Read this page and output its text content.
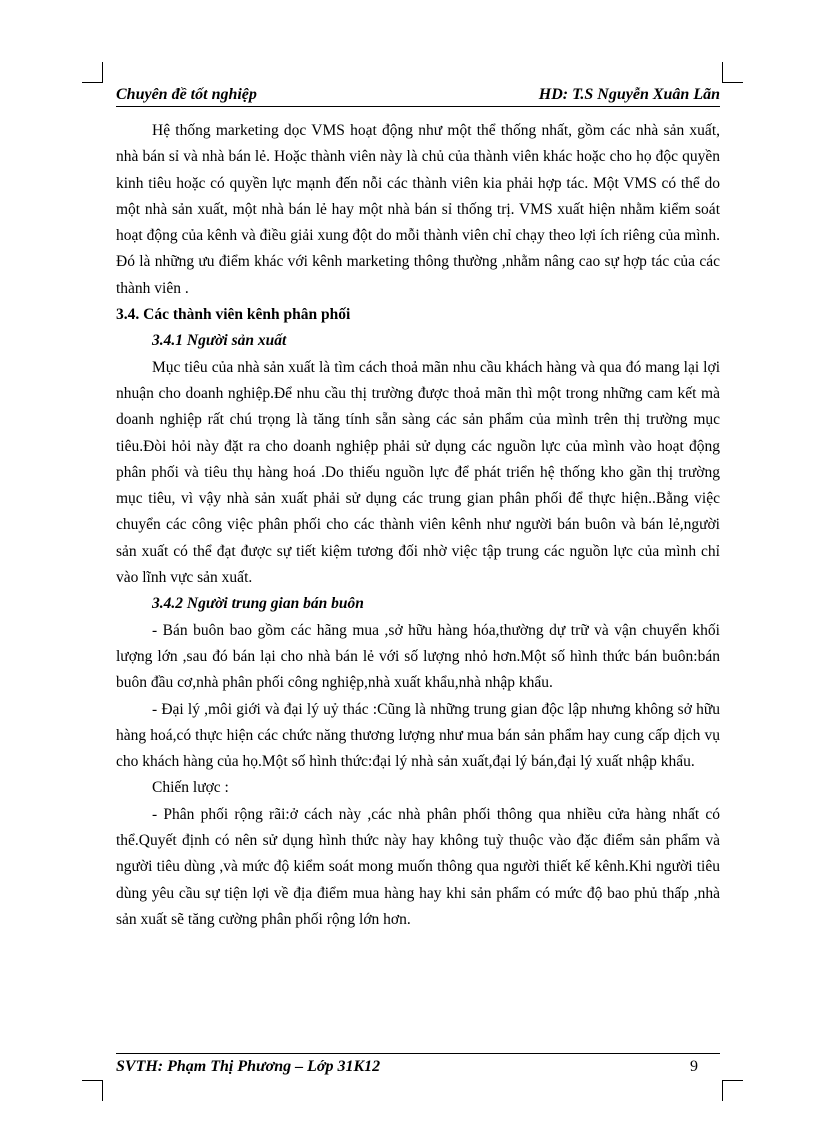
Chuyên đề tốt nghiệp	HD: T.S Nguyễn Xuân Lãn

Hệ thống marketing dọc VMS hoạt động như một thể thống nhất, gồm các nhà sản xuất, nhà bán sỉ và nhà bán lẻ. Hoặc thành viên này là chủ của thành viên khác hoặc cho họ độc quyền kinh tiêu hoặc có quyền lực mạnh đến nỗi các thành viên kia phải hợp tác. Một VMS có thể do một nhà sản xuất, một nhà bán lẻ hay một nhà bán sỉ thống trị. VMS xuất hiện nhằm kiểm soát hoạt động của kênh và điều giải xung đột do mỗi thành viên chỉ chạy theo lợi ích riêng của mình. Đó là những ưu điểm khác với kênh marketing thông thường ,nhằm nâng cao sự hợp tác của các thành viên .

3.4. Các thành viên kênh phân phối

3.4.1 Người sản xuất

Mục tiêu của nhà sản xuất là tìm cách thoả mãn nhu cầu khách hàng và qua đó mang lại lợi nhuận cho doanh nghiệp.Để nhu cầu thị trường được thoả mãn thì một trong những cam kết mà doanh nghiệp rất chú trọng là tăng tính sẵn sàng các sản phẩm của mình trên thị trường mục tiêu.Đòi hỏi này đặt ra cho doanh nghiệp phải sử dụng các nguồn lực của mình vào hoạt động phân phối và tiêu thụ hàng hoá .Do thiếu nguồn lực để phát triển hệ thống kho gần thị trường mục tiêu, vì vậy nhà sản xuất phải sử dụng các trung gian phân phối để thực hiện..Bằng việc chuyển các công việc phân phối cho các thành viên kênh như người bán buôn và bán lẻ,người sản xuất có thể đạt được sự tiết kiệm tương đối nhờ việc tập trung các nguồn lực của mình chỉ vào lĩnh vực sản xuất.

3.4.2 Người trung gian bán buôn

- Bán buôn bao gồm các hãng mua ,sở hữu hàng hóa,thường dự trữ và vận chuyển khối lượng lớn ,sau đó bán lại cho nhà bán lẻ với số lượng nhỏ hơn.Một số hình thức bán buôn:bán buôn đầu cơ,nhà phân phối công nghiệp,nhà xuất khẩu,nhà nhập khẩu.

- Đại lý ,môi giới và đại lý uỷ thác :Cũng là những trung gian độc lập nhưng không sở hữu hàng hoá,có thực hiện các chức năng thương lượng như mua bán sản phẩm hay cung cấp dịch vụ cho khách hàng của họ.Một số hình thức:đại lý nhà sản xuất,đại lý bán,đại lý xuất nhập khẩu.

Chiến lược :

- Phân phối rộng rãi:ở cách này ,các nhà phân phối thông qua nhiều cửa hàng nhất có thể.Quyết định có nên sử dụng hình thức này hay không tuỳ thuộc vào đặc điểm sản phẩm và người tiêu dùng ,và mức độ kiểm soát mong muốn thông qua người thiết kế kênh.Khi người tiêu dùng yêu cầu sự tiện lợi về địa điểm mua hàng hay khi sản phẩm có mức độ bao phủ thấp ,nhà sản xuất sẽ tăng cường phân phối rộng lớn hơn.

SVTH: Phạm Thị Phương – Lớp 31K12	9
